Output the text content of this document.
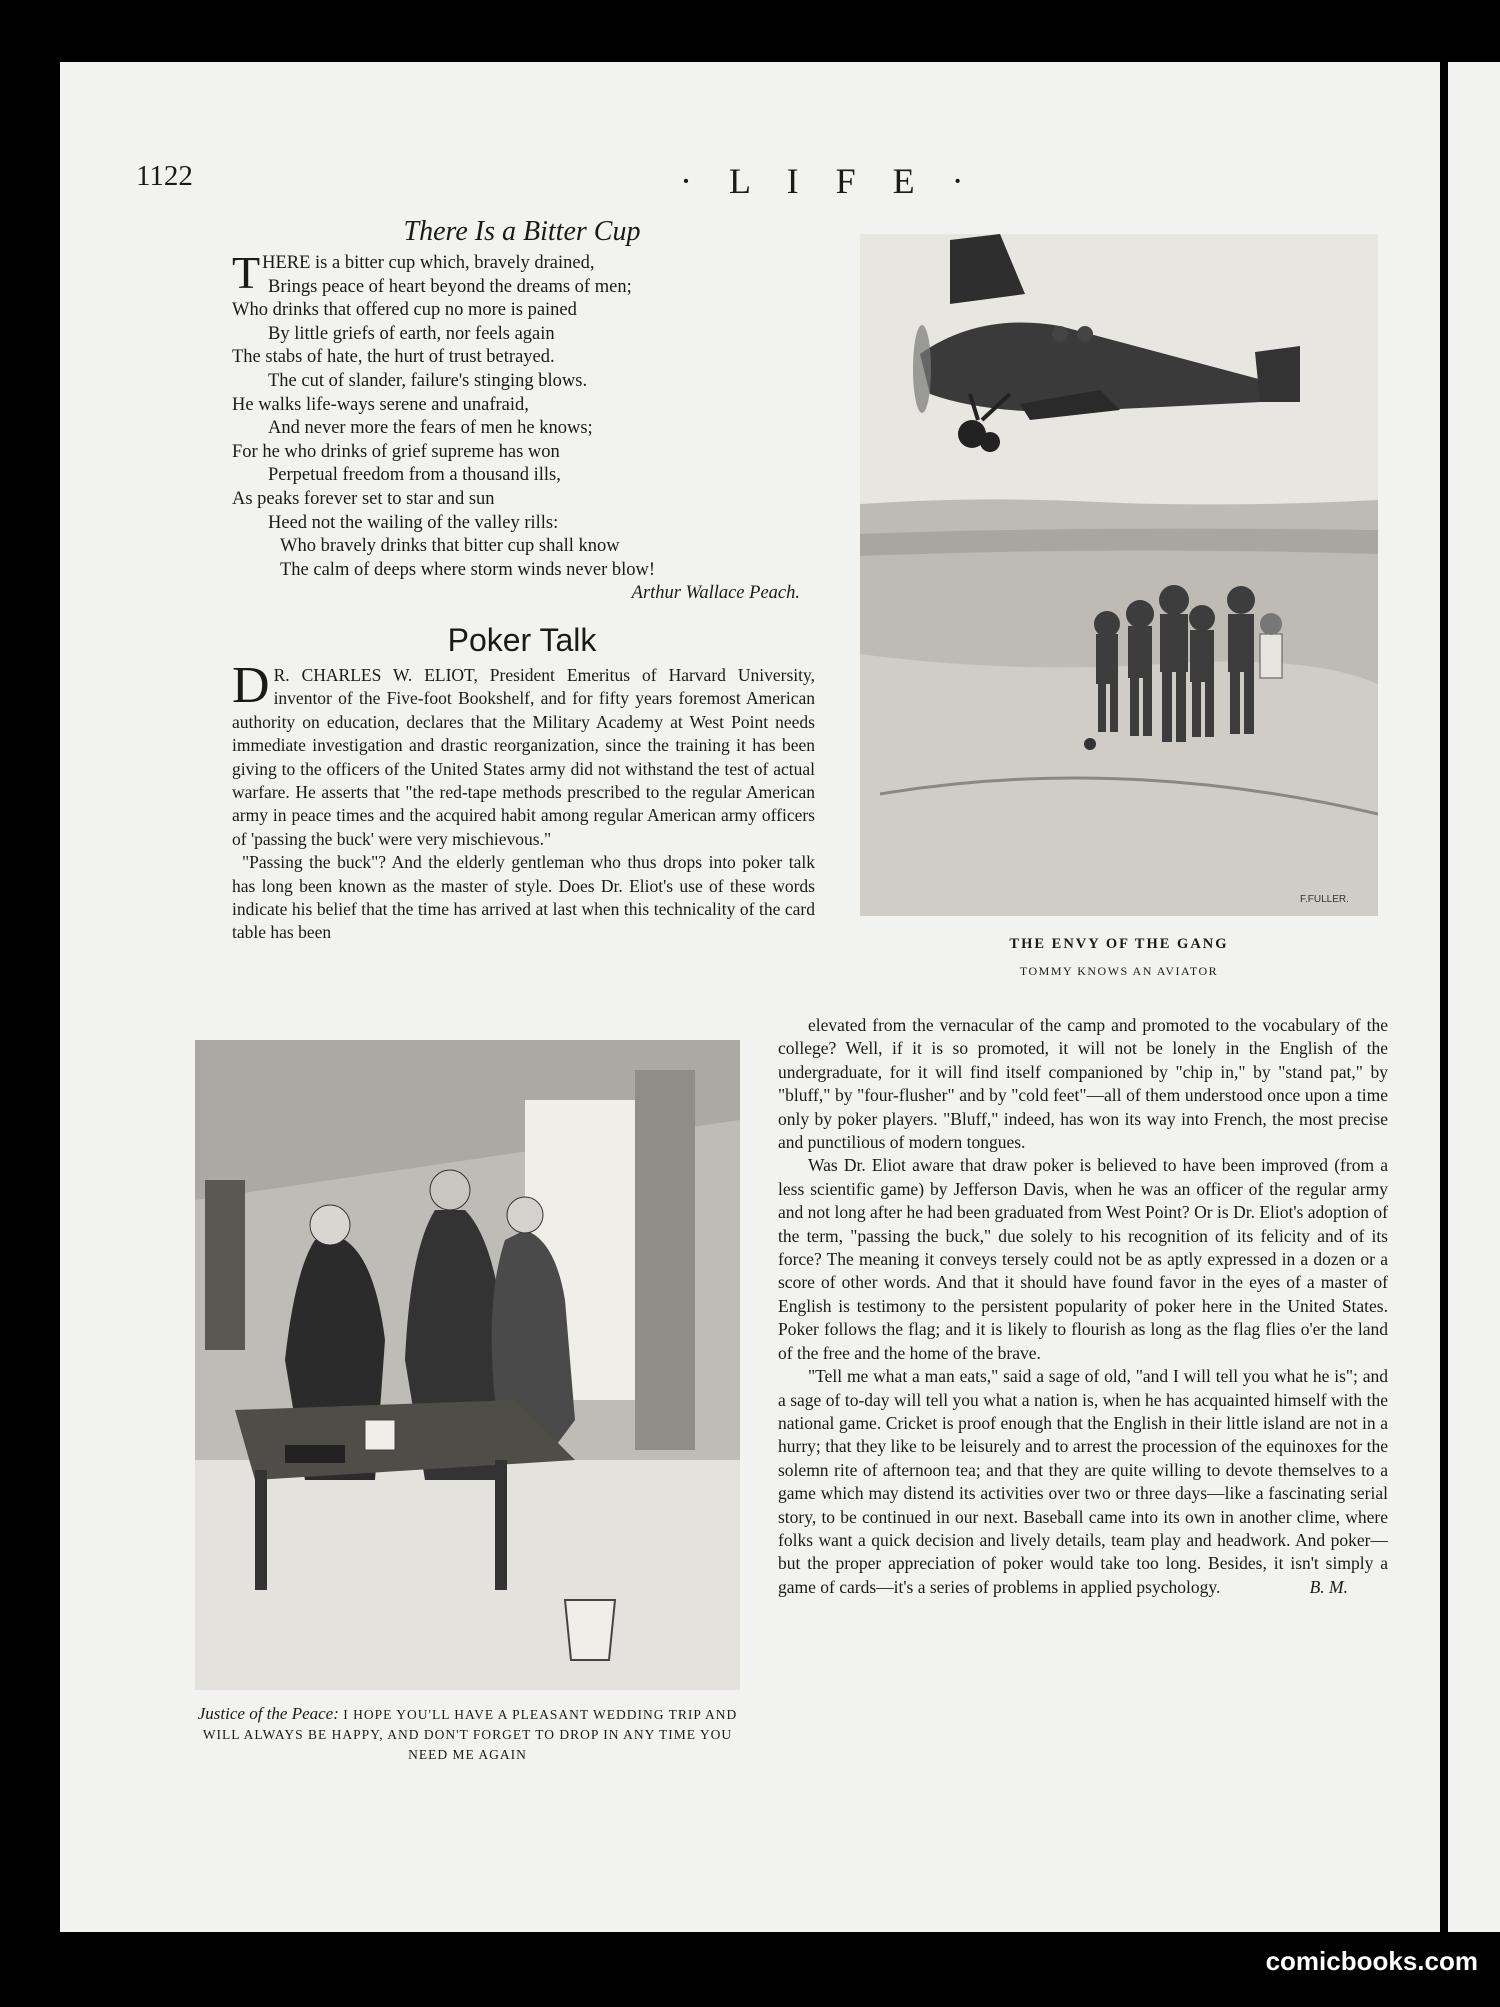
1122	· L I F E ·
There Is a Bitter Cup
THERE is a bitter cup which, bravely drained,
Brings peace of heart beyond the dreams of men;
Who drinks that offered cup no more is pained
By little griefs of earth, nor feels again
The stabs of hate, the hurt of trust betrayed.
The cut of slander, failure's stinging blows.
He walks life-ways serene and unafraid,
And never more the fears of men he knows;
For he who drinks of grief supreme has won
Perpetual freedom from a thousand ills,
As peaks forever set to star and sun
Heed not the wailing of the valley rills:
Who bravely drinks that bitter cup shall know
The calm of deeps where storm winds never blow!
Arthur Wallace Peach.
Poker Talk

D R. CHARLES W. ELIOT, President Emeritus of Harvard University, inventor of the Five-foot Bookshelf, and for fifty years foremost American authority on education, declares that the Military Academy at West Point needs immediate investigation and drastic reorganization, since the training it has been giving to the officers of the United States army did not withstand the test of actual warfare. He asserts that "the red-tape methods prescribed to the regular American army in peace times and the acquired habit among regular American army officers of 'passing the buck' were very mischievous."

"Passing the buck"? And the elderly gentleman who thus drops into poker talk has long been known as the master of style. Does Dr. Eliot's use of these words indicate his belief that the time has arrived at last when this technicality of the card table has been

F.FULLER.
THE ENVY OF THE GANG
TOMMY KNOWS AN AVIATOR

elevated from the vernacular of the camp and promoted to the vocabulary of the college? Well, if it is so promoted, it will not be lonely in the English of the undergraduate, for it will find itself companioned by "chip in," by "stand pat," by "bluff," by "four-flusher" and by "cold feet"—all of them understood once upon a time only by poker players. "Bluff," indeed, has won its way into French, the most precise and punctilious of modern tongues.

Was Dr. Eliot aware that draw poker is believed to have been improved (from a less scientific game) by Jefferson Davis, when he was an officer of the regular army and not long after he had been graduated from West Point? Or is Dr. Eliot's adoption of the term, "passing the buck," due solely to his recognition of its felicity and of its force? The meaning it conveys tersely could not be as aptly expressed in a dozen or a score of other words. And that it should have found favor in the eyes of a master of English is testimony to the persistent popularity of poker here in the United States. Poker follows the flag; and it is likely to flourish as long as the flag flies o'er the land of the free and the home of the brave.

"Tell me what a man eats," said a sage of old, "and I will tell you what he is"; and a sage of to-day will tell you what a nation is, when he has acquainted himself with the national game. Cricket is proof enough that the English in their little island are not in a hurry; that they like to be leisurely and to arrest the procession of the equinoxes for the solemn rite of afternoon tea; and that they are quite willing to devote themselves to a game which may distend its activities over two or three days—like a fascinating serial story, to be continued in our next. Baseball came into its own in another clime, where folks want a quick decision and lively details, team play and headwork. And poker—but the proper appreciation of poker would take too long. Besides, it isn't simply a game of cards—it's a series of problems in applied psychology.	B. M.

Justice of the Peace: I HOPE YOU'LL HAVE A PLEASANT WEDDING TRIP AND WILL ALWAYS BE HAPPY, AND DON'T FORGET TO DROP IN ANY TIME YOU NEED ME AGAIN
comicbooks.com
